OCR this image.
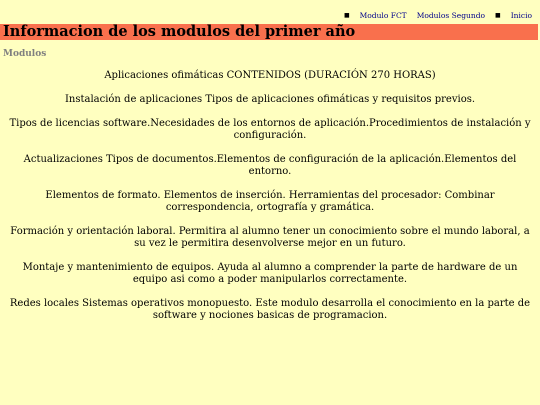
■ Modulo FCT Modulos Segundo ■ Inicio
Informacion de los modulos del primer año
Modulos

Aplicaciones ofimáticas CONTENIDOS (DURACIÓN 270 HORAS)

Instalación de aplicaciones Tipos de aplicaciones ofimáticas y requisitos previos.

Tipos de licencias software.Necesidades de los entornos de aplicación.Procedimientos de instalación y configuración.

Actualizaciones Tipos de documentos.Elementos de configuración de la aplicación.Elementos del entorno.

Elementos de formato. Elementos de inserción. Herramientas del procesador: Combinar correspondencia, ortografía y gramática.

Formación y orientación laboral. Permitira al alumno tener un conocimiento sobre el mundo laboral, a su vez le permitira desenvolverse mejor en un futuro.

Montaje y mantenimiento de equipos. Ayuda al alumno a comprender la parte de hardware de un equipo asi como a poder manipularlos correctamente.

Redes locales Sistemas operativos monopuesto. Este modulo desarrolla el conocimiento en la parte de software y nociones basicas de programacion.
